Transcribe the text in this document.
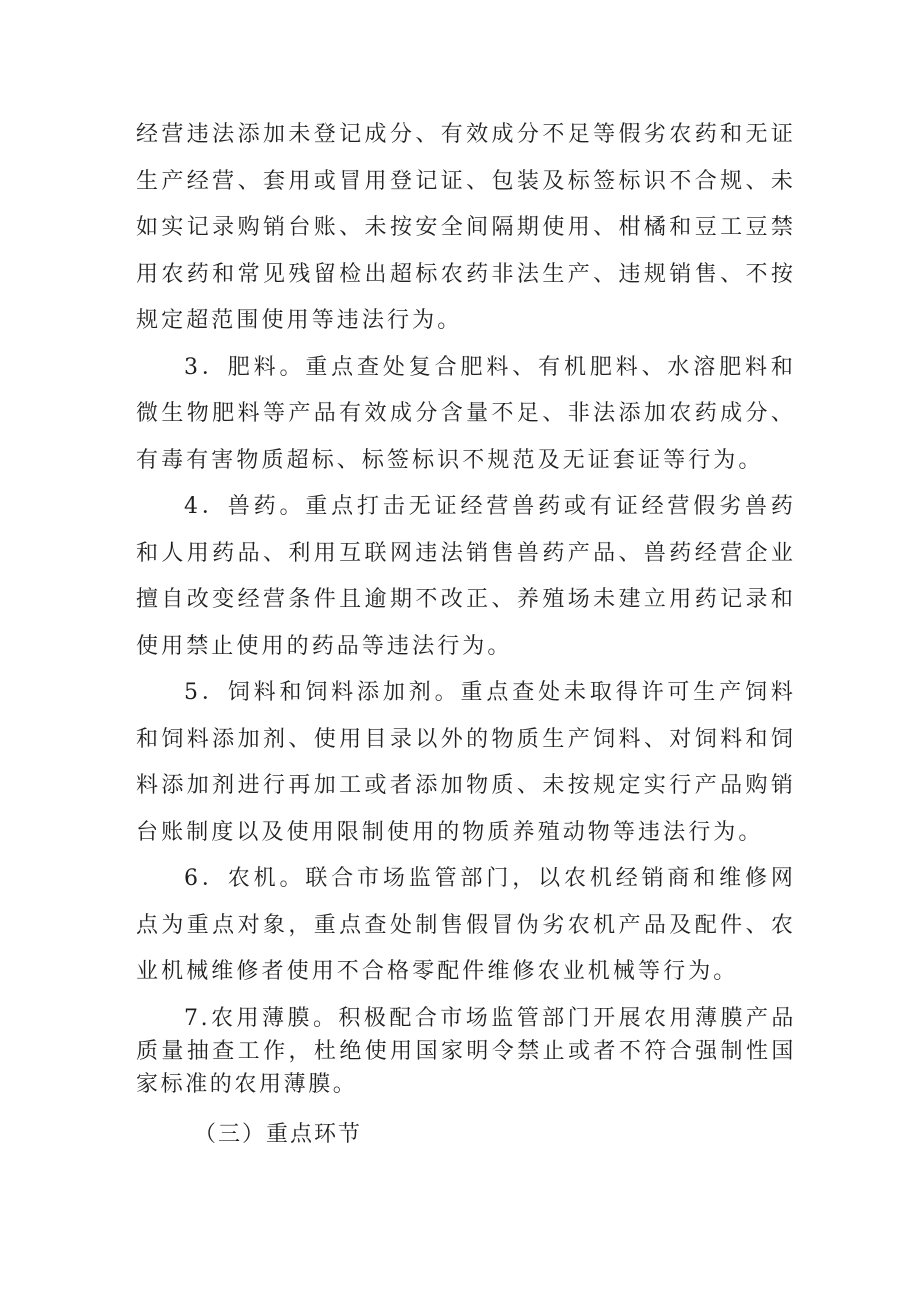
经营违法添加未登记成分、有效成分不足等假劣农药和无证生产经营、套用或冒用登记证、包装及标签标识不合规、未如实记录购销台账、未按安全间隔期使用、柑橘和豆工豆禁用农药和常见残留检出超标农药非法生产、违规销售、不按规定超范围使用等违法行为。

3．肥料。重点查处复合肥料、有机肥料、水溶肥料和微生物肥料等产品有效成分含量不足、非法添加农药成分、有毒有害物质超标、标签标识不规范及无证套证等行为。

4．兽药。重点打击无证经营兽药或有证经营假劣兽药和人用药品、利用互联网违法销售兽药产品、兽药经营企业擅自改变经营条件且逾期不改正、养殖场未建立用药记录和使用禁止使用的药品等违法行为。

5．饲料和饲料添加剂。重点查处未取得许可生产饲料和饲料添加剂、使用目录以外的物质生产饲料、对饲料和饲料添加剂进行再加工或者添加物质、未按规定实行产品购销台账制度以及使用限制使用的物质养殖动物等违法行为。

6．农机。联合市场监管部门，以农机经销商和维修网点为重点对象，重点查处制售假冒伪劣农机产品及配件、农业机械维修者使用不合格零配件维修农业机械等行为。

7.农用薄膜。积极配合市场监管部门开展农用薄膜产品质量抽查工作，杜绝使用国家明令禁止或者不符合强制性国家标准的农用薄膜。

（三）重点环节
